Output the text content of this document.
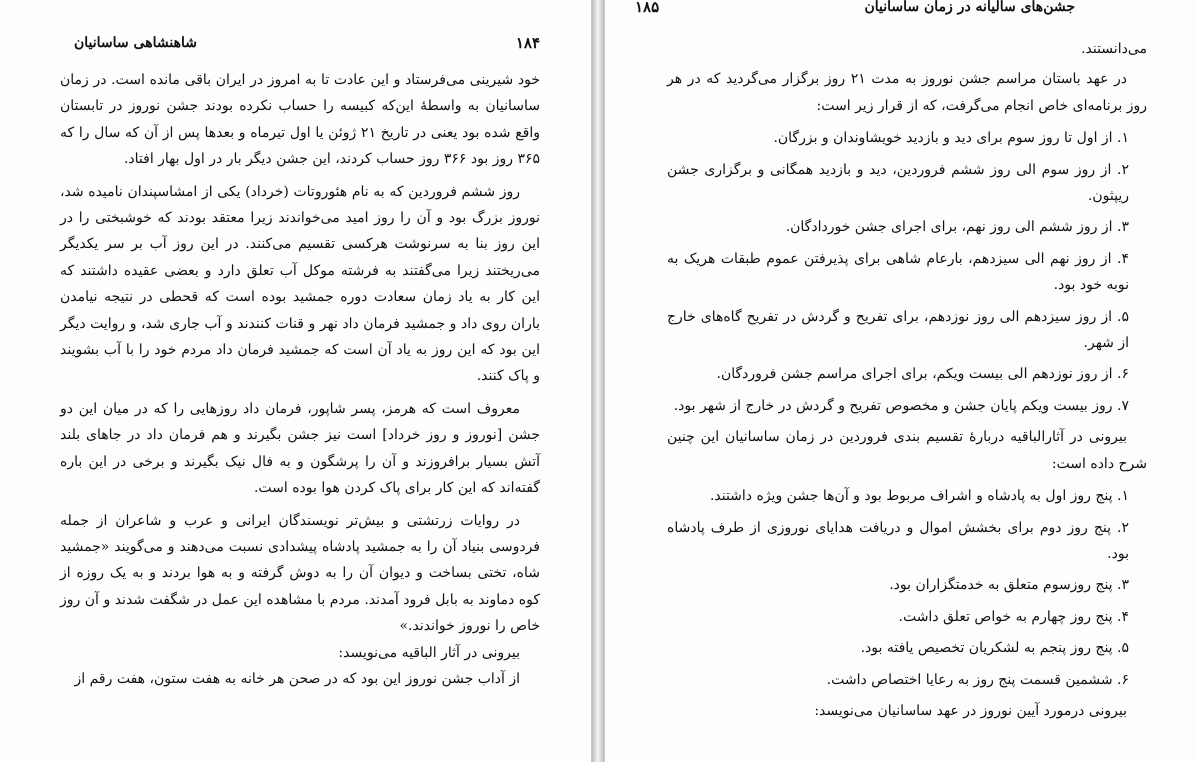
۱۸۴
شاهنشاهی ساسانیان

خود شیرینی می‌فرستاد و این عادت تا به امروز در ایران باقی مانده است. در زمان ساسانیان به واسطهٔ این‌که کبیسه را حساب نکرده بودند جشن نوروز در تابستان واقع شده بود یعنی در تاریخ ۲۱ ژوئن یا اول تیرماه و بعدها پس از آن که سال را که ۳۶۵ روز بود ۳۶۶ روز حساب کردند، این جشن دیگر بار در اول بهار افتاد.

روز ششم فروردین که به نام هئوروتات (خرداد) یکی از امشاسپندان نامیده شد، نوروز بزرگ بود و آن را روز امید می‌خواندند زیرا معتقد بودند که خوشبختی را در این روز بنا به سرنوشت هرکسی تقسیم می‌کنند. در این روز آب بر سر یکدیگر می‌ریختند زیرا می‌گفتند به فرشته موکل آب تعلق دارد و بعضی عقیده داشتند که این کار به یاد زمان سعادت دوره جمشید بوده است که قحطی در نتیجه نیامدن باران روی داد و جمشید فرمان داد نهر و قنات کنندند و آب جاری شد، و روایت دیگر این بود که این روز به یاد آن است که جمشید فرمان داد مردم خود را با آب بشویند و پاک کنند.

معروف است که هرمز، پسر شاپور، فرمان داد روزهایی را که در میان این دو جشن [نوروز و روز خرداد] است نیز جشن بگیرند و هم فرمان داد در جاهای بلند آتش بسیار برافروزند و آن را پرشگون و به فال نیک بگیرند و برخی در این باره گفته‌اند که این کار برای پاک کردن هوا بوده است.

در روایات زرتشتی و بیش‌تر نویسندگان ایرانی و عرب و شاعران از جمله فردوسی بنیاد آن را به جمشید پادشاه پیشدادی نسبت می‌دهند و می‌گویند «جمشید شاه، تختی بساخت و دیوان آن را به دوش گرفته و به هوا بردند و به یک روزه از کوه دماوند به بابل فرود آمدند. مردم با مشاهده این عمل در شگفت شدند و آن روز خاص را نوروز خواندند.»

بیرونی در آثار الباقیه می‌نویسد:

از آداب جشن نوروز این بود که در صحن هر خانه به هفت ستون، هفت رقم از

جشن‌های سالیانه در زمان ساسانیان
۱۸۵

می‌دانستند.

در عهد باستان مراسم جشن نوروز به مدت ۲۱ روز برگزار می‌گردید که در هر روز برنامه‌ای خاص انجام می‌گرفت، که از قرار زیر است:

۱. از اول تا روز سوم برای دید و بازدید خویشاوندان و بزرگان.

۲. از روز سوم الی روز ششم فروردین، دید و بازدید همگانی و برگزاری جشن ریپثون.

۳. از روز ششم الی روز نهم، برای اجرای جشن خوردادگان.

۴. از روز نهم الی سیزدهم، بارعام شاهی برای پذیرفتن عموم طبقات هریک به نوبه خود بود.

۵. از روز سیزدهم الی روز نوزدهم، برای تفریح و گردش در تفریح گاه‌های خارج از شهر.

۶. از روز نوزدهم الی بیست ویکم، برای اجرای مراسم جشن فروردگان.

۷. روز بیست ویکم پایان جشن و مخصوص تفریح و گردش در خارج از شهر بود.

بیرونی در آثارالباقیه دربارهٔ تقسیم بندی فروردین در زمان ساسانیان این چنین شرح داده است:

۱. پنج روز اول به پادشاه و اشراف مربوط بود و آن‌ها جشن ویژه داشتند.

۲. پنج روز دوم برای بخشش اموال و دریافت هدایای نوروزی از طرف پادشاه بود.

۳. پنج روزسوم متعلق به خدمتگزاران بود.

۴. پنج روز چهارم به خواص تعلق داشت.

۵. پنج روز پنجم به لشکریان تخصیص یافته بود.

۶. ششمین قسمت پنج روز به رعایا اختصاص داشت.

بیرونی درمورد آیین نوروز در عهد ساسانیان می‌نویسد:
